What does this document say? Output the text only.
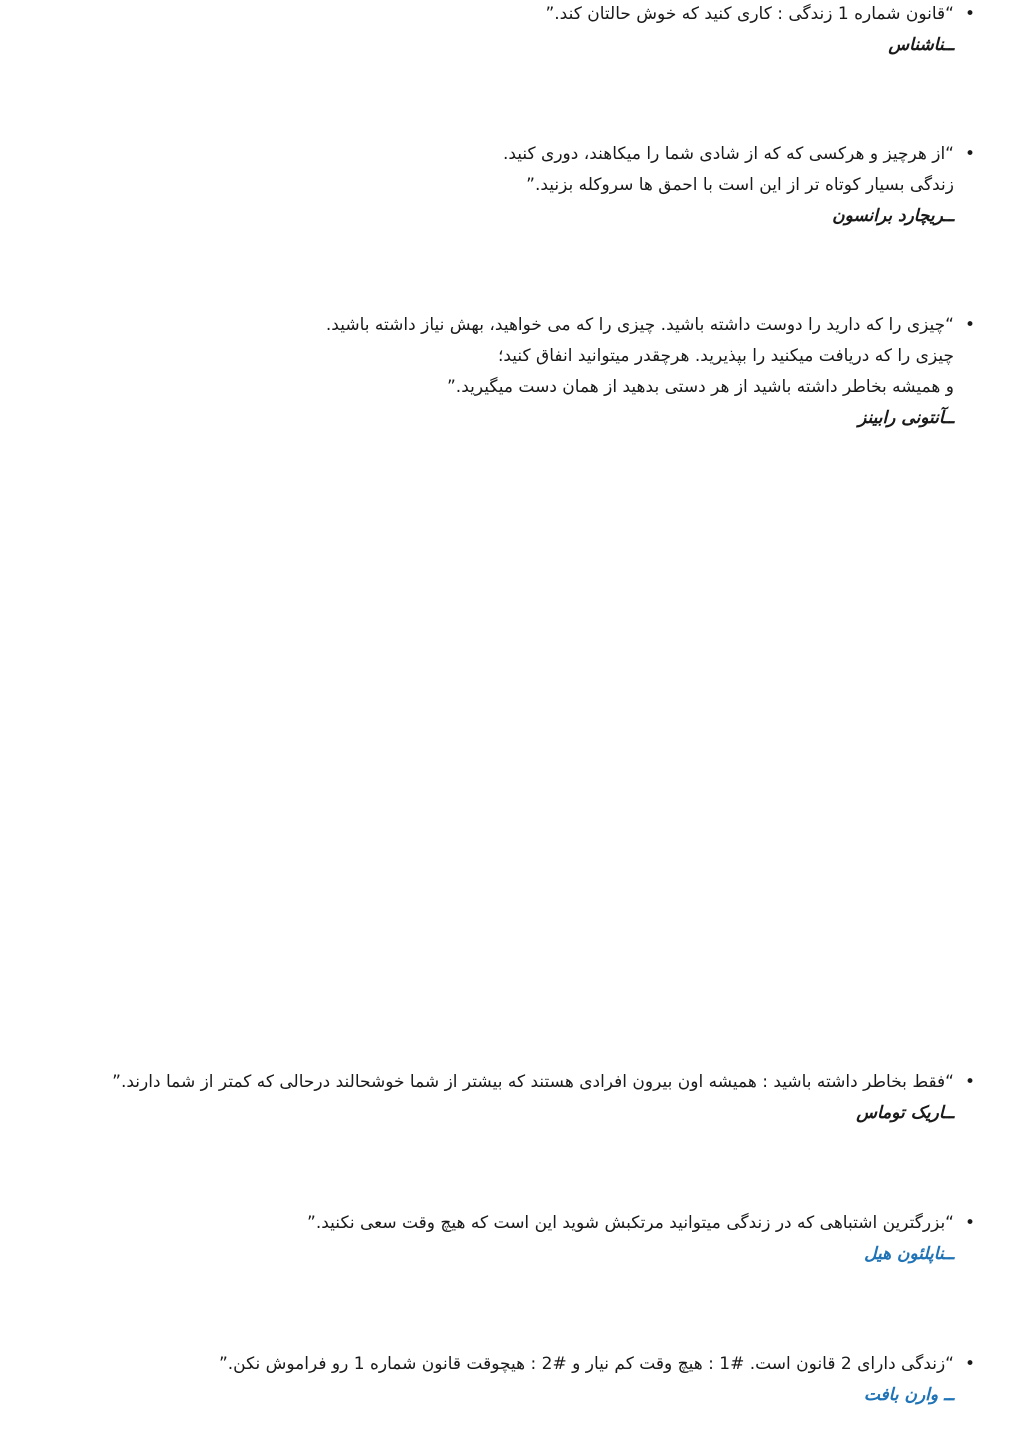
•
“قانون شماره 1 زندگی : کاری کنید که خوش حالتان کند.”
ــناشناس
•
“از هرچیز و هرکسی که که از شادی شما را میکاهند، دوری کنید.
زندگی بسیار کوتاه تر از این است با احمق ها سروکله بزنید.”
ــریچارد برانسون
•
“چیزی را که دارید را دوست داشته باشید. چیزی را که می خواهید، بهش نیاز داشته باشید.
چیزی را که دریافت میکنید را بپذیرید. هرچقدر میتوانید انفاق کنید؛
و همیشه بخاطر داشته باشید از هر دستی بدهید از همان دست میگیرید.”
ــآنتونی رابینز
•
“فقط بخاطر داشته باشید : همیشه اون بیرون افرادی هستند که بیشتر از شما خوشحالند درحالی که کمتر از شما دارند.”
ــاریک توماس
•
“بزرگترین اشتباهی که در زندگی میتوانید مرتکبش شوید این است که هیچ وقت سعی نکنید.”
ــناپلئون هیل
•
“زندگی دارای 2 قانون است. #1 : هیچ وقت کم نیار و #2 : هیچوقت قانون شماره 1 رو فراموش نکن.”
ــ وارن بافت
